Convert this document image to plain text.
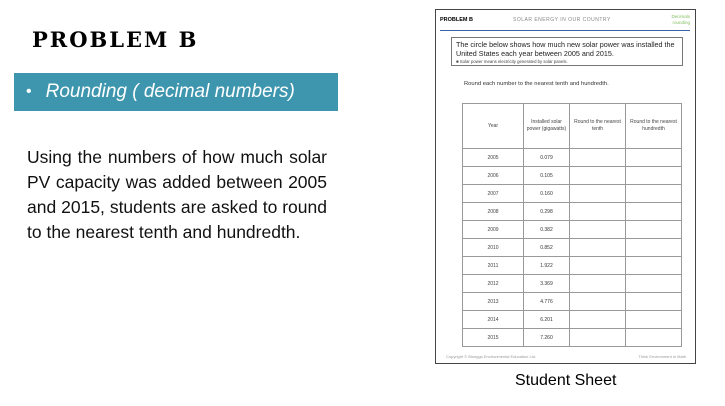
PROBLEM B
• Rounding ( decimal numbers)
Using the numbers of how much solar PV capacity was added between 2005 and 2015, students are asked to round to the nearest tenth and hundredth.
PROBLEM B	SOLAR ENERGY IN OUR COUNTRY
Decimals
rounding
The circle below shows how much new solar power was installed the United States each year between 2005 and 2015.
■ Solar power means electricity generated by solar panels.
Round each number to the nearest tenth and hundredth.
Year	Installed solar power (gigawatts)	Round to the nearest tenth	Round to the nearest hundredth
2005	0.079		
2006	0.105		
2007	0.160		
2008	0.298		
2009	0.382		
2010	0.852		
2011	1.922		
2012	3.369		
2013	4.776		
2014	6.201		
2015	7.260		
Copyright © Blueggs Environmental Education Ltd.	Think Environment in Math
Student Sheet
